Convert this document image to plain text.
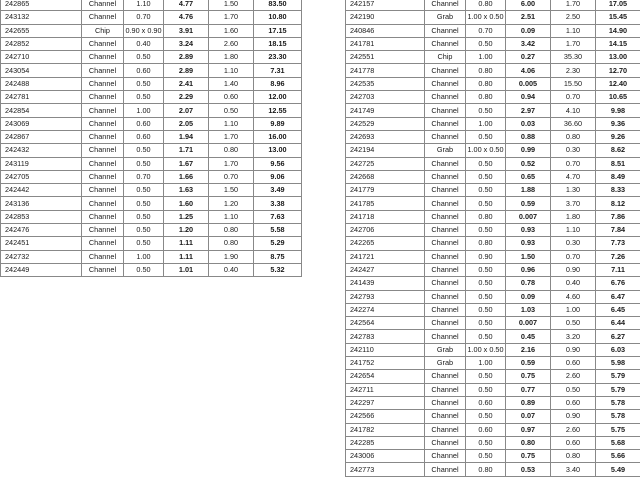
242865	Channel	1.10	4.77	1.50	83.50
243132	Channel	0.70	4.76	1.70	10.80
242655	Chip	0.90 x 0.90	3.91	1.60	17.15
242852	Channel	0.40	3.24	2.60	18.15
242710	Channel	0.50	2.89	1.80	23.30
243054	Channel	0.60	2.89	1.10	7.31
242488	Channel	0.50	2.41	1.40	8.96
242781	Channel	0.50	2.29	0.60	12.00
242854	Channel	1.00	2.07	0.50	12.55
243069	Channel	0.60	2.05	1.10	9.89
242867	Channel	0.60	1.94	1.70	16.00
242432	Channel	0.50	1.71	0.80	13.00
243119	Channel	0.50	1.67	1.70	9.56
242705	Channel	0.70	1.66	0.70	9.06
242442	Channel	0.50	1.63	1.50	3.49
243136	Channel	0.50	1.60	1.20	3.38
242853	Channel	0.50	1.25	1.10	7.63
242476	Channel	0.50	1.20	0.80	5.58
242451	Channel	0.50	1.11	0.80	5.29
242732	Channel	1.00	1.11	1.90	8.75
242449	Channel	0.50	1.01	0.40	5.32
242157	Channel	0.80	6.00	1.70	17.05
242190	Grab	1.00 x 0.50	2.51	2.50	15.45
240846	Channel	0.70	0.09	1.10	14.90
241781	Channel	0.50	3.42	1.70	14.15
242551	Chip	1.00	0.27	35.30	13.00
241778	Channel	0.80	4.06	2.30	12.70
242535	Channel	0.80	0.005	15.50	12.40
242703	Channel	0.80	0.94	0.70	10.65
241749	Channel	0.50	2.97	4.10	9.98
242529	Channel	1.00	0.03	36.60	9.36
242693	Channel	0.50	0.88	0.80	9.26
242194	Grab	1.00 x 0.50	0.99	0.30	8.62
242725	Channel	0.50	0.52	0.70	8.51
242668	Channel	0.50	0.65	4.70	8.49
241779	Channel	0.50	1.88	1.30	8.33
241785	Channel	0.50	0.59	3.70	8.12
241718	Channel	0.80	0.007	1.80	7.86
242706	Channel	0.50	0.93	1.10	7.84
242265	Channel	0.80	0.93	0.30	7.73
241721	Channel	0.90	1.50	0.70	7.26
242427	Channel	0.50	0.96	0.90	7.11
241439	Channel	0.50	0.78	0.40	6.76
242793	Channel	0.50	0.09	4.60	6.47
242274	Channel	0.50	1.03	1.00	6.45
242564	Channel	0.50	0.007	0.50	6.44
242783	Channel	0.50	0.45	3.20	6.27
242110	Grab	1.00 x 0.50	2.16	0.90	6.03
241752	Grab	1.00	0.59	0.60	5.98
242654	Channel	0.50	0.75	2.60	5.79
242711	Channel	0.50	0.77	0.50	5.79
242297	Channel	0.60	0.89	0.60	5.78
242566	Channel	0.50	0.07	0.90	5.78
241782	Channel	0.60	0.97	2.60	5.75
242285	Channel	0.50	0.80	0.60	5.68
243006	Channel	0.50	0.75	0.80	5.66
242773	Channel	0.80	0.53	3.40	5.49
